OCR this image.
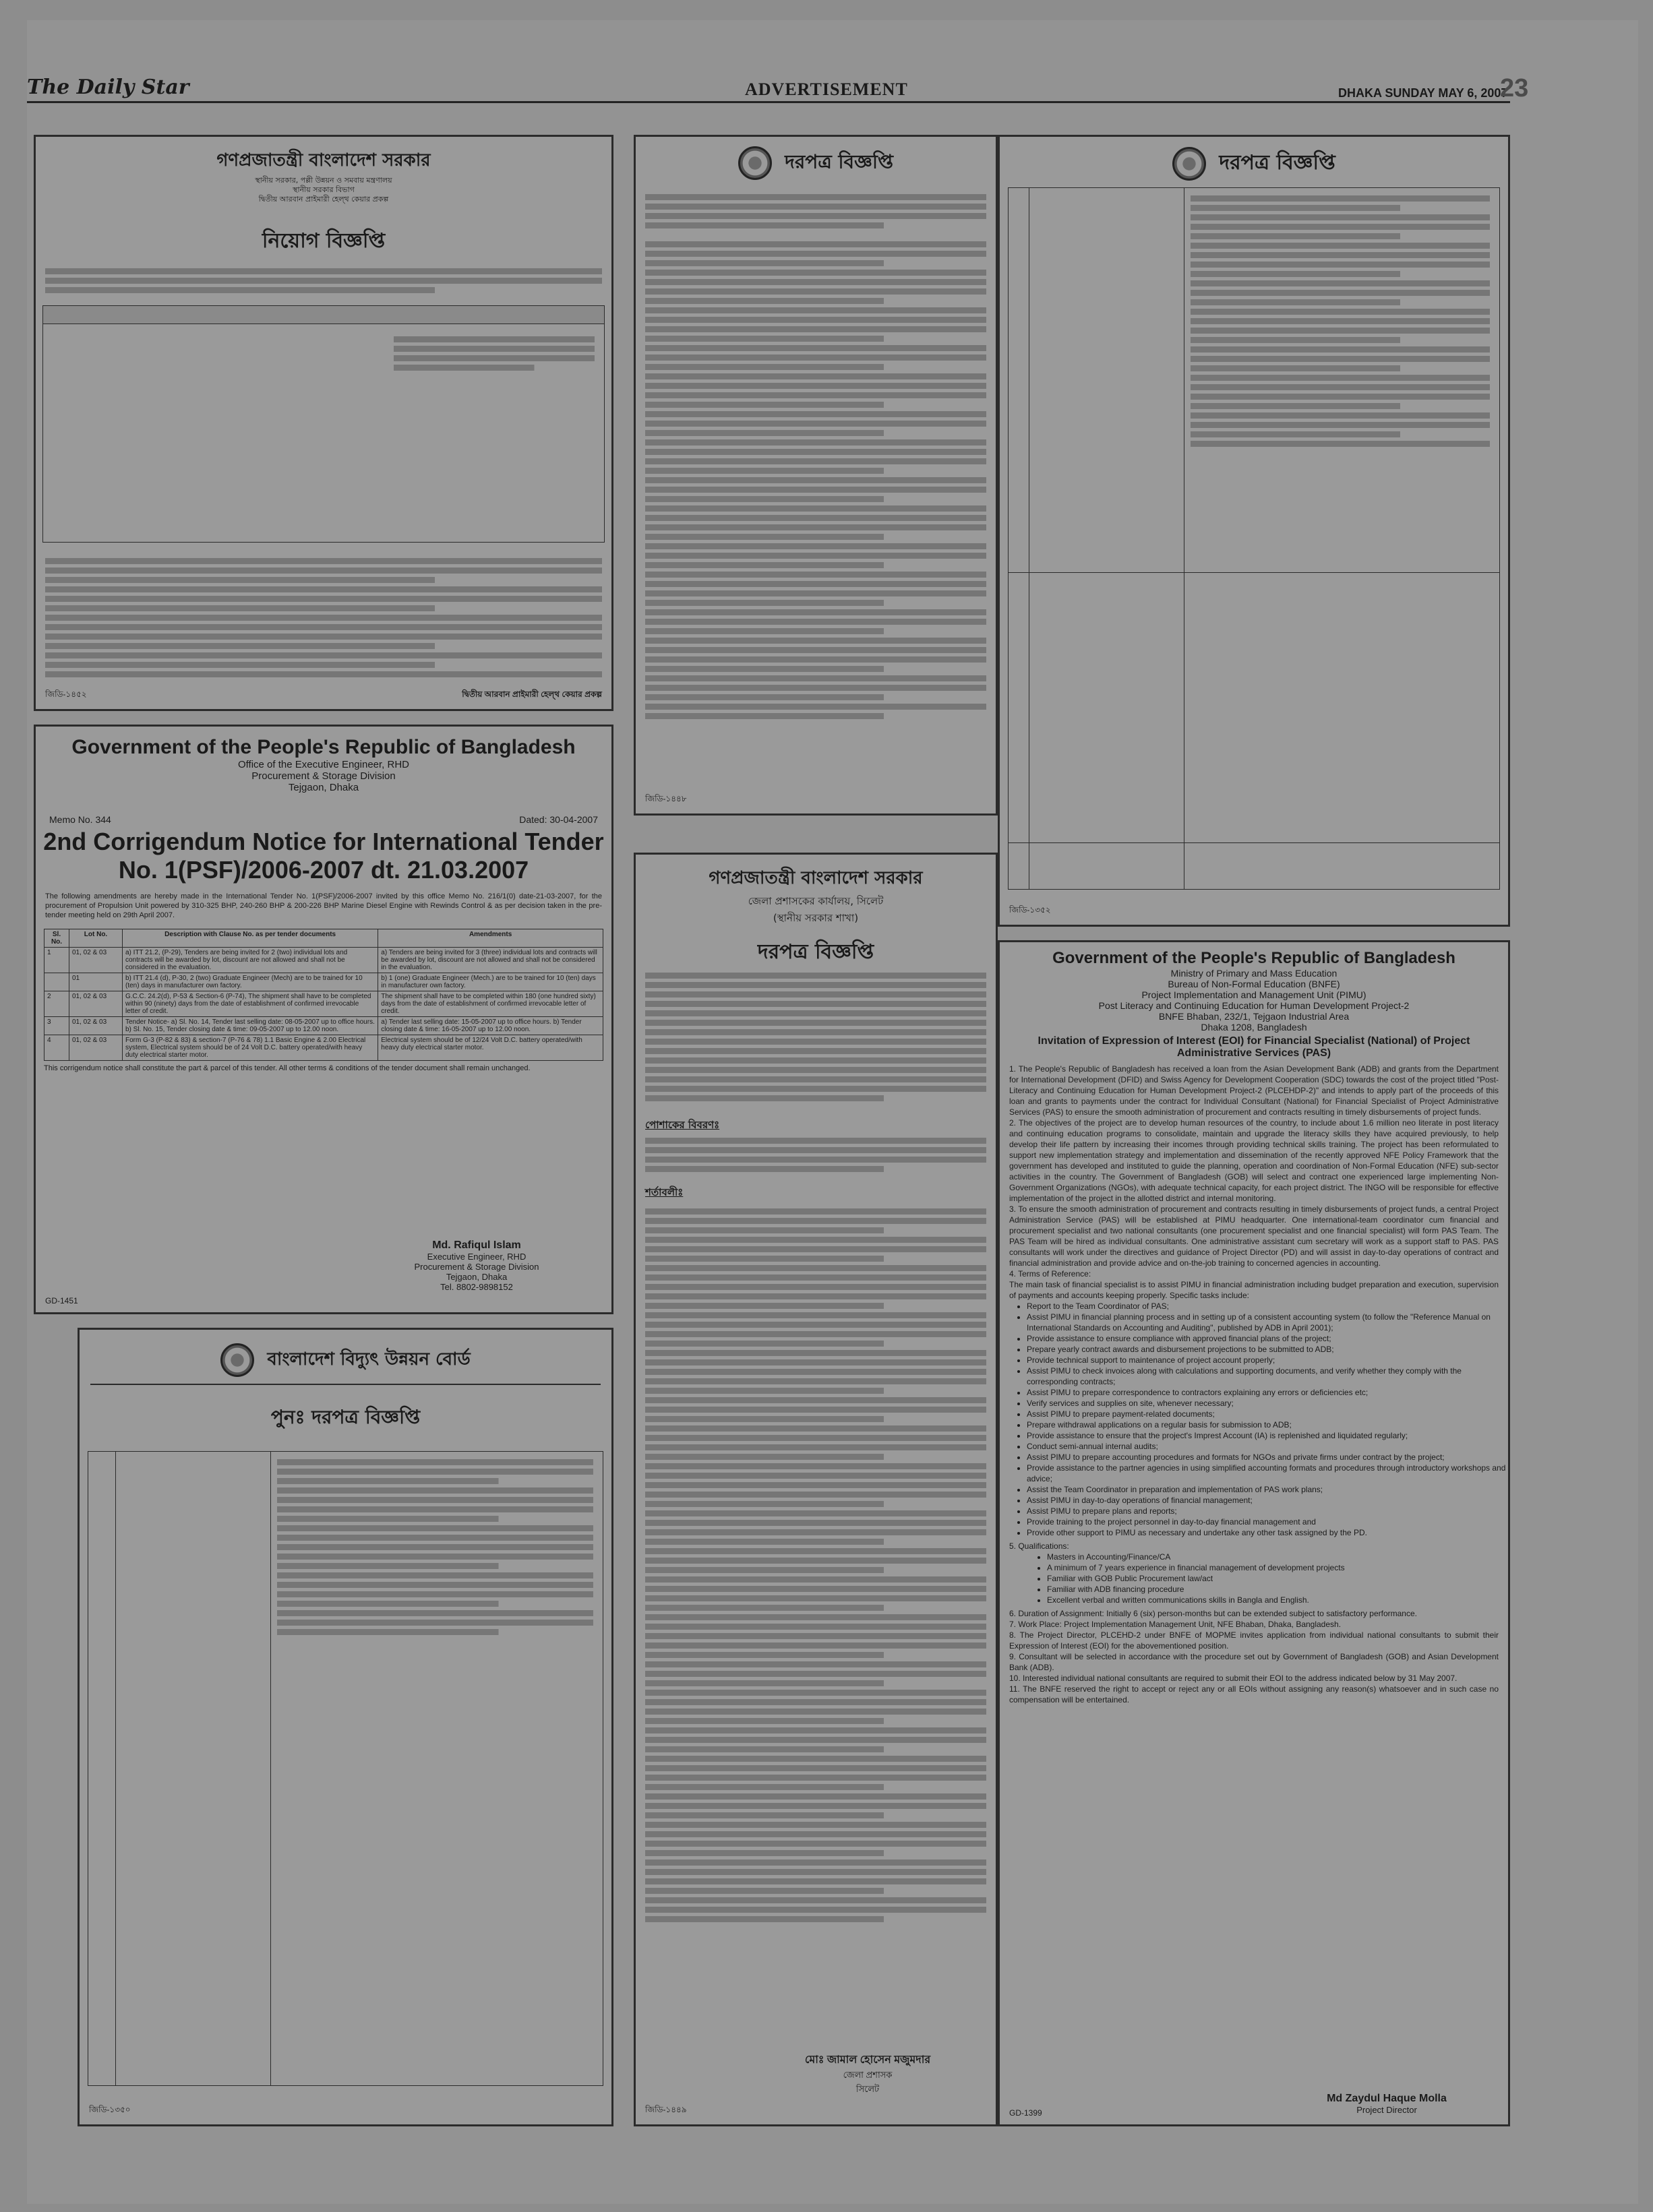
The Daily Star	ADVERTISEMENT	DHAKA SUNDAY MAY 6, 2007
23
গণপ্রজাতন্ত্রী বাংলাদেশ সরকার
স্থানীয় সরকার, পল্লী উন্নয়ন ও সমবায় মন্ত্রণালয়
স্থানীয় সরকার বিভাগ
দ্বিতীয় আরবান প্রাইমারী হেল্থ কেয়ার প্রকল্প
নিয়োগ বিজ্ঞপ্তি
জিডি-১৪৫২	দ্বিতীয় আরবান প্রাইমারী হেল্থ কেয়ার প্রকল্প
Government of the People's Republic of Bangladesh
Office of the Executive Engineer, RHD
Procurement & Storage Division
Tejgaon, Dhaka
Memo No. 344	Dated: 30-04-2007
2nd Corrigendum Notice for International Tender
No. 1(PSF)/2006-2007 dt. 21.03.2007
The following amendments are hereby made in the International Tender No. 1(PSF)/2006-2007 invited by this office Memo No. 216/1(0) date-21-03-2007, for the procurement of Propulsion Unit powered by 310-325 BHP, 240-260 BHP & 200-226 BHP Marine Diesel Engine with Rewinds Control & as per decision taken in the pre-tender meeting held on 29th April 2007.
Sl. No.	Lot No.	Description with Clause No. as per tender documents	Amendments
1	01, 02 & 03	a) ITT 21.2, (P-29), Tenders are being invited for 2 (two) individual lots and contracts will be awarded by lot, discount are not allowed and shall not be considered in the evaluation.	a) Tenders are being invited for 3 (three) individual lots and contracts will be awarded by lot, discount are not allowed and shall not be considered in the evaluation.
	01	b) ITT 21.4 (d), P-30, 2 (two) Graduate Engineer (Mech) are to be trained for 10 (ten) days in manufacturer own factory.	b) 1 (one) Graduate Engineer (Mech.) are to be trained for 10 (ten) days in manufacturer own factory.
2	01, 02 & 03	G.C.C. 24.2(d), P-53 & Section-6 (P-74), The shipment shall have to be completed within 90 (ninety) days from the date of establishment of confirmed irrevocable letter of credit.	The shipment shall have to be completed within 180 (one hundred sixty) days from the date of establishment of confirmed irrevocable letter of credit.
3	01, 02 & 03	Tender Notice- a) Sl. No. 14, Tender last selling date: 08-05-2007 up to office hours. b) Sl. No. 15, Tender closing date & time: 09-05-2007 up to 12.00 noon.	a) Tender last selling date: 15-05-2007 up to office hours. b) Tender closing date & time: 16-05-2007 up to 12.00 noon.
4	01, 02 & 03	Form G-3 (P-82 & 83) & section-7 (P-76 & 78) 1.1 Basic Engine & 2.00 Electrical system, Electrical system should be of 24 Volt D.C. battery operated/with heavy duty electrical starter motor.	Electrical system should be of 12/24 Volt D.C. battery operated/with heavy duty electrical starter motor.
This corrigendum notice shall constitute the part & parcel of this tender. All other terms & conditions of the tender document shall remain unchanged.
Md. Rafiqul Islam
Executive Engineer, RHD
Procurement & Storage Division
Tejgaon, Dhaka
Tel. 8802-9898152
GD-1451
বাংলাদেশ বিদ্যুৎ উন্নয়ন বোর্ড
পুনঃ দরপত্র বিজ্ঞপ্তি
জিডি-১৩৫০
দরপত্র বিজ্ঞপ্তি
জিডি-১৪৪৮
গণপ্রজাতন্ত্রী বাংলাদেশ সরকার
জেলা প্রশাসকের কার্যালয়, সিলেট
(স্থানীয় সরকার শাখা)
দরপত্র বিজ্ঞপ্তি
পোশাকের বিবরণঃ
শর্তাবলীঃ
মোঃ জামাল হোসেন মজুমদার
জেলা প্রশাসক
সিলেট
জিডি-১৪৪৯
দরপত্র বিজ্ঞপ্তি
জিডি-১৩৫২
Government of the People's Republic of Bangladesh
Ministry of Primary and Mass Education
Bureau of Non-Formal Education (BNFE)
Project Implementation and Management Unit (PIMU)
Post Literacy and Continuing Education for Human Development Project-2
BNFE Bhaban, 232/1, Tejgaon Industrial Area
Dhaka 1208, Bangladesh
Invitation of Expression of Interest (EOI) for Financial Specialist (National) of Project
Administrative Services (PAS)

1. The People's Republic of Bangladesh has received a loan from the Asian Development Bank (ADB) and grants from the Department for International Development (DFID) and Swiss Agency for Development Cooperation (SDC) towards the cost of the project titled "Post-Literacy and Continuing Education for Human Development Project-2 (PLCEHDP-2)" and intends to apply part of the proceeds of this loan and grants to payments under the contract for Individual Consultant (National) for Financial Specialist of Project Administrative Services (PAS) to ensure the smooth administration of procurement and contracts resulting in timely disbursements of project funds.

2. The objectives of the project are to develop human resources of the country, to include about 1.6 million neo literate in post literacy and continuing education programs to consolidate, maintain and upgrade the literacy skills they have acquired previously, to help develop their life pattern by increasing their incomes through providing technical skills training. The project has been reformulated to support new implementation strategy and implementation and dissemination of the recently approved NFE Policy Framework that the government has developed and instituted to guide the planning, operation and coordination of Non-Formal Education (NFE) sub-sector activities in the country. The Government of Bangladesh (GOB) will select and contract one experienced large implementing Non-Government Organizations (NGOs), with adequate technical capacity, for each project district. The INGO will be responsible for effective implementation of the project in the allotted district and internal monitoring.

3. To ensure the smooth administration of procurement and contracts resulting in timely disbursements of project funds, a central Project Administration Service (PAS) will be established at PIMU headquarter. One international-team coordinator cum financial and procurement specialist and two national consultants (one procurement specialist and one financial specialist) will form PAS Team. The PAS Team will be hired as individual consultants. One administrative assistant cum secretary will work as a support staff to PAS. PAS consultants will work under the directives and guidance of Project Director (PD) and will assist in day-to-day operations of contract and financial administration and provide advice and on-the-job training to concerned agencies in accounting.

4. Terms of Reference:

The main task of financial specialist is to assist PIMU in financial administration including budget preparation and execution, supervision of payments and accounts keeping properly. Specific tasks include:

• Report to the Team Coordinator of PAS;
• Assist PIMU in financial planning process and in setting up of a consistent accounting system (to follow the "Reference Manual on International Standards on Accounting and Auditing", published by ADB in April 2001);
• Provide assistance to ensure compliance with approved financial plans of the project;
• Prepare yearly contract awards and disbursement projections to be submitted to ADB;
• Provide technical support to maintenance of project account properly;
• Assist PIMU to check invoices along with calculations and supporting documents, and verify whether they comply with the corresponding contracts;
• Assist PIMU to prepare correspondence to contractors explaining any errors or deficiencies etc;
• Verify services and supplies on site, whenever necessary;
• Assist PIMU to prepare payment-related documents;
• Prepare withdrawal applications on a regular basis for submission to ADB;
• Provide assistance to ensure that the project's Imprest Account (IA) is replenished and liquidated regularly;
• Conduct semi-annual internal audits;
• Assist PIMU to prepare accounting procedures and formats for NGOs and private firms under contract by the project;
• Provide assistance to the partner agencies in using simplified accounting formats and procedures through introductory workshops and advice;
• Assist the Team Coordinator in preparation and implementation of PAS work plans;
• Assist PIMU in day-to-day operations of financial management;
• Assist PIMU to prepare plans and reports;
• Provide training to the project personnel in day-to-day financial management and
• Provide other support to PIMU as necessary and undertake any other task assigned by the PD.

5. Qualifications:

• Masters in Accounting/Finance/CA
• A minimum of 7 years experience in financial management of development projects
• Familiar with GOB Public Procurement law/act
• Familiar with ADB financing procedure
• Excellent verbal and written communications skills in Bangla and English.

6. Duration of Assignment: Initially 6 (six) person-months but can be extended subject to satisfactory performance.

7. Work Place: Project Implementation Management Unit, NFE Bhaban, Dhaka, Bangladesh.

8. The Project Director, PLCEHD-2 under BNFE of MOPME invites application from individual national consultants to submit their Expression of Interest (EOI) for the abovementioned position.

9. Consultant will be selected in accordance with the procedure set out by Government of Bangladesh (GOB) and Asian Development Bank (ADB).

10. Interested individual national consultants are required to submit their EOI to the address indicated below by 31 May 2007.

11. The BNFE reserved the right to accept or reject any or all EOIs without assigning any reason(s) whatsoever and in such case no compensation will be entertained.

Md Zaydul Haque Molla
Project Director
GD-1399
